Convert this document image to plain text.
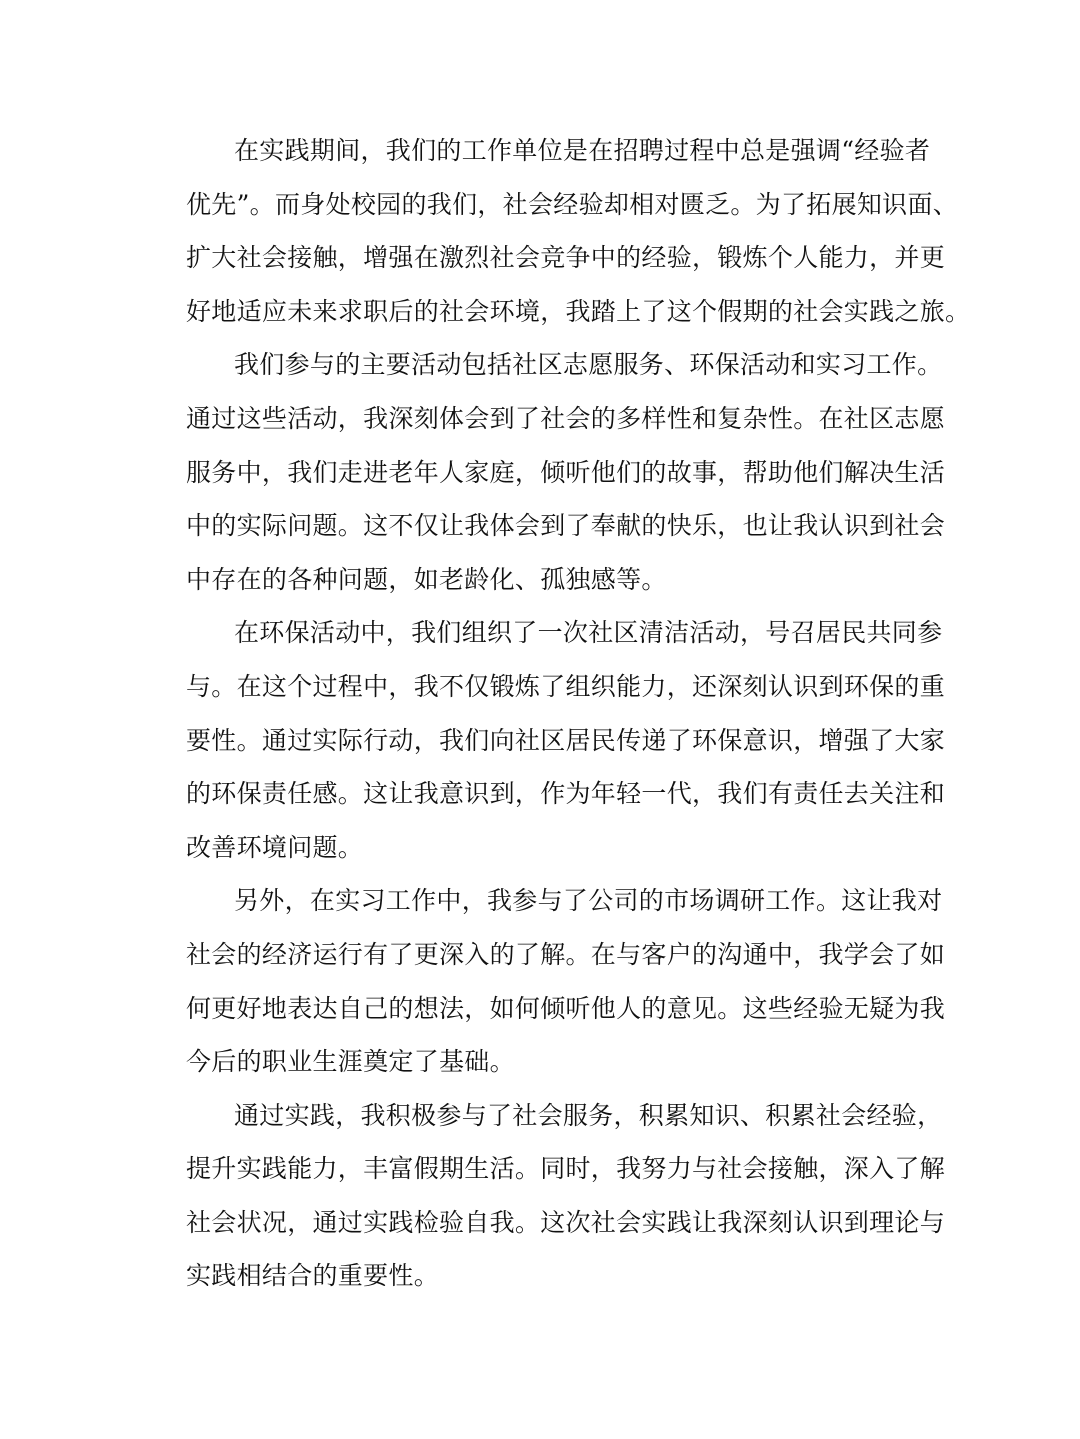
在实践期间，我们的工作单位是在招聘过程中总是强调“经验者
优先”。而身处校园的我们，社会经验却相对匮乏。为了拓展知识面、
扩大社会接触，增强在激烈社会竞争中的经验，锻炼个人能力，并更
好地适应未来求职后的社会环境，我踏上了这个假期的社会实践之旅。

我们参与的主要活动包括社区志愿服务、环保活动和实习工作。
通过这些活动，我深刻体会到了社会的多样性和复杂性。在社区志愿
服务中，我们走进老年人家庭，倾听他们的故事，帮助他们解决生活
中的实际问题。这不仅让我体会到了奉献的快乐，也让我认识到社会
中存在的各种问题，如老龄化、孤独感等。

在环保活动中，我们组织了一次社区清洁活动，号召居民共同参
与。在这个过程中，我不仅锻炼了组织能力，还深刻认识到环保的重
要性。通过实际行动，我们向社区居民传递了环保意识，增强了大家
的环保责任感。这让我意识到，作为年轻一代，我们有责任去关注和
改善环境问题。

另外，在实习工作中，我参与了公司的市场调研工作。这让我对
社会的经济运行有了更深入的了解。在与客户的沟通中，我学会了如
何更好地表达自己的想法，如何倾听他人的意见。这些经验无疑为我
今后的职业生涯奠定了基础。

通过实践，我积极参与了社会服务，积累知识、积累社会经验，
提升实践能力，丰富假期生活。同时，我努力与社会接触，深入了解
社会状况，通过实践检验自我。这次社会实践让我深刻认识到理论与
实践相结合的重要性。
